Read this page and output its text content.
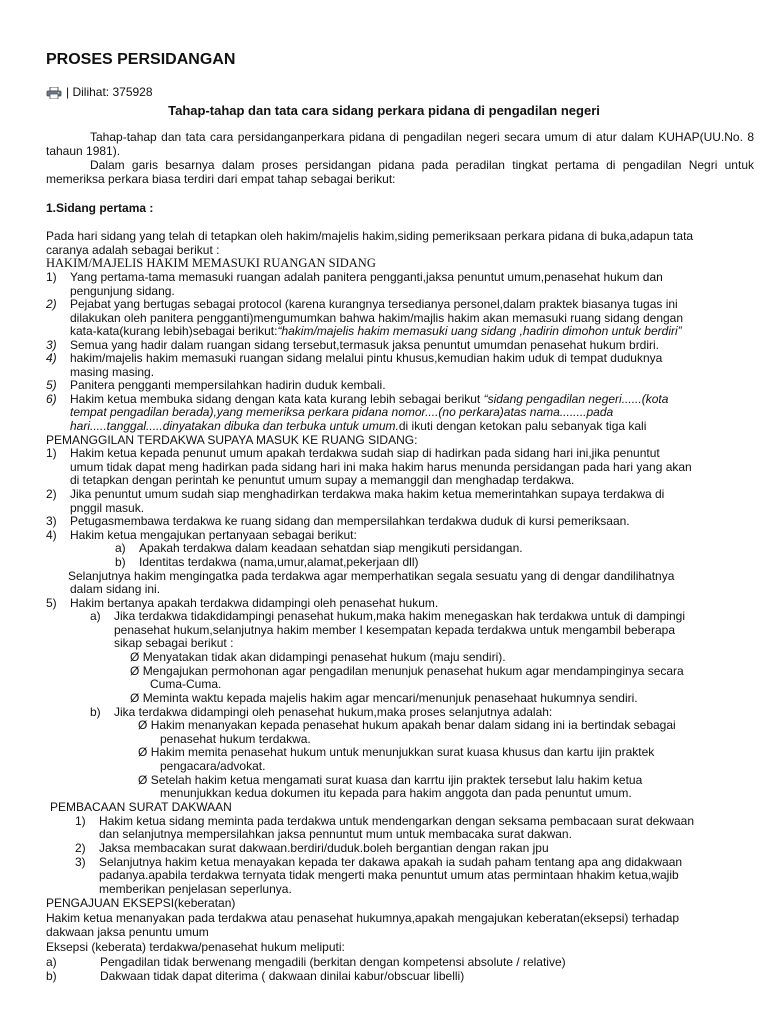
PROSES PERSIDANGAN
| Dilihat: 375928
Tahap-tahap dan tata cara sidang perkara pidana di pengadilan negeri
Tahap-tahap dan tata cara persidanganperkara pidana di pengadilan negeri secara umum di atur dalam KUHAP(UU.No. 8 tahaun 1981).
Dalam garis besarnya dalam proses persidangan pidana pada peradilan tingkat pertama di pengadilan Negri untuk memeriksa perkara biasa terdiri dari empat tahap sebagai berikut:
1.Sidang pertama :
Pada hari sidang yang telah di tetapkan oleh hakim/majelis hakim,siding pemeriksaan perkara pidana di buka,adapun tata
caranya adalah sebagai berikut :
HAKIM/MAJELIS HAKIM MEMASUKI RUANGAN SIDANG
1) Yang pertama-tama memasuki ruangan adalah panitera pengganti,jaksa penuntut umum,penasehat hukum dan
pengunjung sidang.
2) Pejabat yang bertugas sebagai protocol (karena kurangnya tersedianya personel,dalam praktek biasanya tugas ini
dilakukan oleh panitera pengganti)mengumumkan bahwa hakim/majlis hakim akan memasuki ruang sidang dengan
kata-kata(kurang lebih)sebagai berikut:“hakim/majelis hakim memasuki uang sidang ,hadirin dimohon untuk berdiri”
3) Semua yang hadir dalam ruangan sidang tersebut,termasuk jaksa penuntut umumdan penasehat hukum brdiri.
4) hakim/majelis hakim memasuki ruangan sidang melalui pintu khusus,kemudian hakim uduk di tempat duduknya
masing masing.
5) Panitera pengganti mempersilahkan hadirin duduk kembali.
6) Hakim ketua membuka sidang dengan kata kata kurang lebih sebagai berikut “sidang pengadilan negeri......(kota
tempat pengadilan berada),yang memeriksa perkara pidana nomor....(no perkara)atas nama........pada
hari.....tanggal.....dinyatakan dibuka dan terbuka untuk umum.di ikuti dengan ketokan palu sebanyak tiga kali
PEMANGGILAN TERDAKWA SUPAYA MASUK KE RUANG SIDANG:
1) Hakim ketua kepada penunut umum apakah terdakwa sudah siap di hadirkan pada sidang hari ini,jika penuntut
umum tidak dapat meng hadirkan pada sidang hari ini maka hakim harus menunda persidangan pada hari yang akan
di tetapkan dengan perintah ke penuntut umum supay a memanggil dan menghadap terdakwa.
2) Jika penuntut umum sudah siap menghadirkan terdakwa maka hakim ketua memerintahkan supaya terdakwa di
pnggil masuk.
3) Petugasmembawa terdakwa ke ruang sidang dan mempersilahkan terdakwa duduk di kursi pemeriksaan.
4) Hakim ketua mengajukan pertanyaan sebagai berikut:
a) Apakah terdakwa dalam keadaan sehatdan siap mengikuti persidangan.
b) Identitas terdakwa (nama,umur,alamat,pekerjaan dll)
Selanjutnya hakim mengingatka pada terdakwa agar memperhatikan segala sesuatu yang di dengar dandilihatnya
dalam sidang ini.
5) Hakim bertanya apakah terdakwa didampingi oleh penasehat hukum.
a) Jika terdakwa tidakdidampingi penasehat hukum,maka hakim menegaskan hak terdakwa untuk di dampingi
penasehat hukum,selanjutnya hakim member I kesempatan kepada terdakwa untuk mengambil beberapa
sikap sebagai berikut :
Ø Menyatakan tidak akan didampingi penasehat hukum (maju sendiri).
Ø Mengajukan permohonan agar pengadilan menunjuk penasehat hukum agar mendampinginya secara
Cuma-Cuma.
Ø Meminta waktu kepada majelis hakim agar mencari/menunjuk penasehaat hukumnya sendiri.
b) Jika terdakwa didampingi oleh penasehat hukum,maka proses selanjutnya adalah:
Ø Hakim menanyakan kepada penasehat hukum apakah benar dalam sidang ini ia bertindak sebagai
penasehat hukum terdakwa.
Ø Hakim memita penasehat hukum untuk menunjukkan surat kuasa khusus dan kartu ijin praktek
pengacara/advokat.
Ø Setelah hakim ketua mengamati surat kuasa dan karrtu ijin praktek tersebut lalu hakim ketua
menunjukkan kedua dokumen itu kepada para hakim anggota dan pada penuntut umum.
PEMBACAAN SURAT DAKWAAN
1) Hakim ketua sidang meminta pada terdakwa untuk mendengarkan dengan seksama pembacaan surat dekwaan
dan selanjutnya mempersilahkan jaksa pennuntut mum untuk membacaka surat dakwan.
2) Jaksa membacakan surat dakwaan.berdiri/duduk.boleh bergantian dengan rakan jpu
3) Selanjutnya hakim ketua menayakan kepada ter dakawa apakah ia sudah paham tentang apa ang didakwaan
padanya.apabila terdakwa ternyata tidak mengerti maka penuntut umum atas permintaan hhakim ketua,wajib
memberikan penjelasan seperlunya.
PENGAJUAN EKSEPSI(keberatan)
Hakim ketua menanyakan pada terdakwa atau penasehat hukumnya,apakah mengajukan keberatan(eksepsi) terhadap
dakwaan jaksa penuntu umum
Eksepsi (keberata) terdakwa/penasehat hukum meliputi:
a)	Pengadilan tidak berwenang mengadili (berkitan dengan kompetensi absolute / relative)
b)	Dakwaan tidak dapat diterima ( dakwaan dinilai kabur/obscuar libelli)
